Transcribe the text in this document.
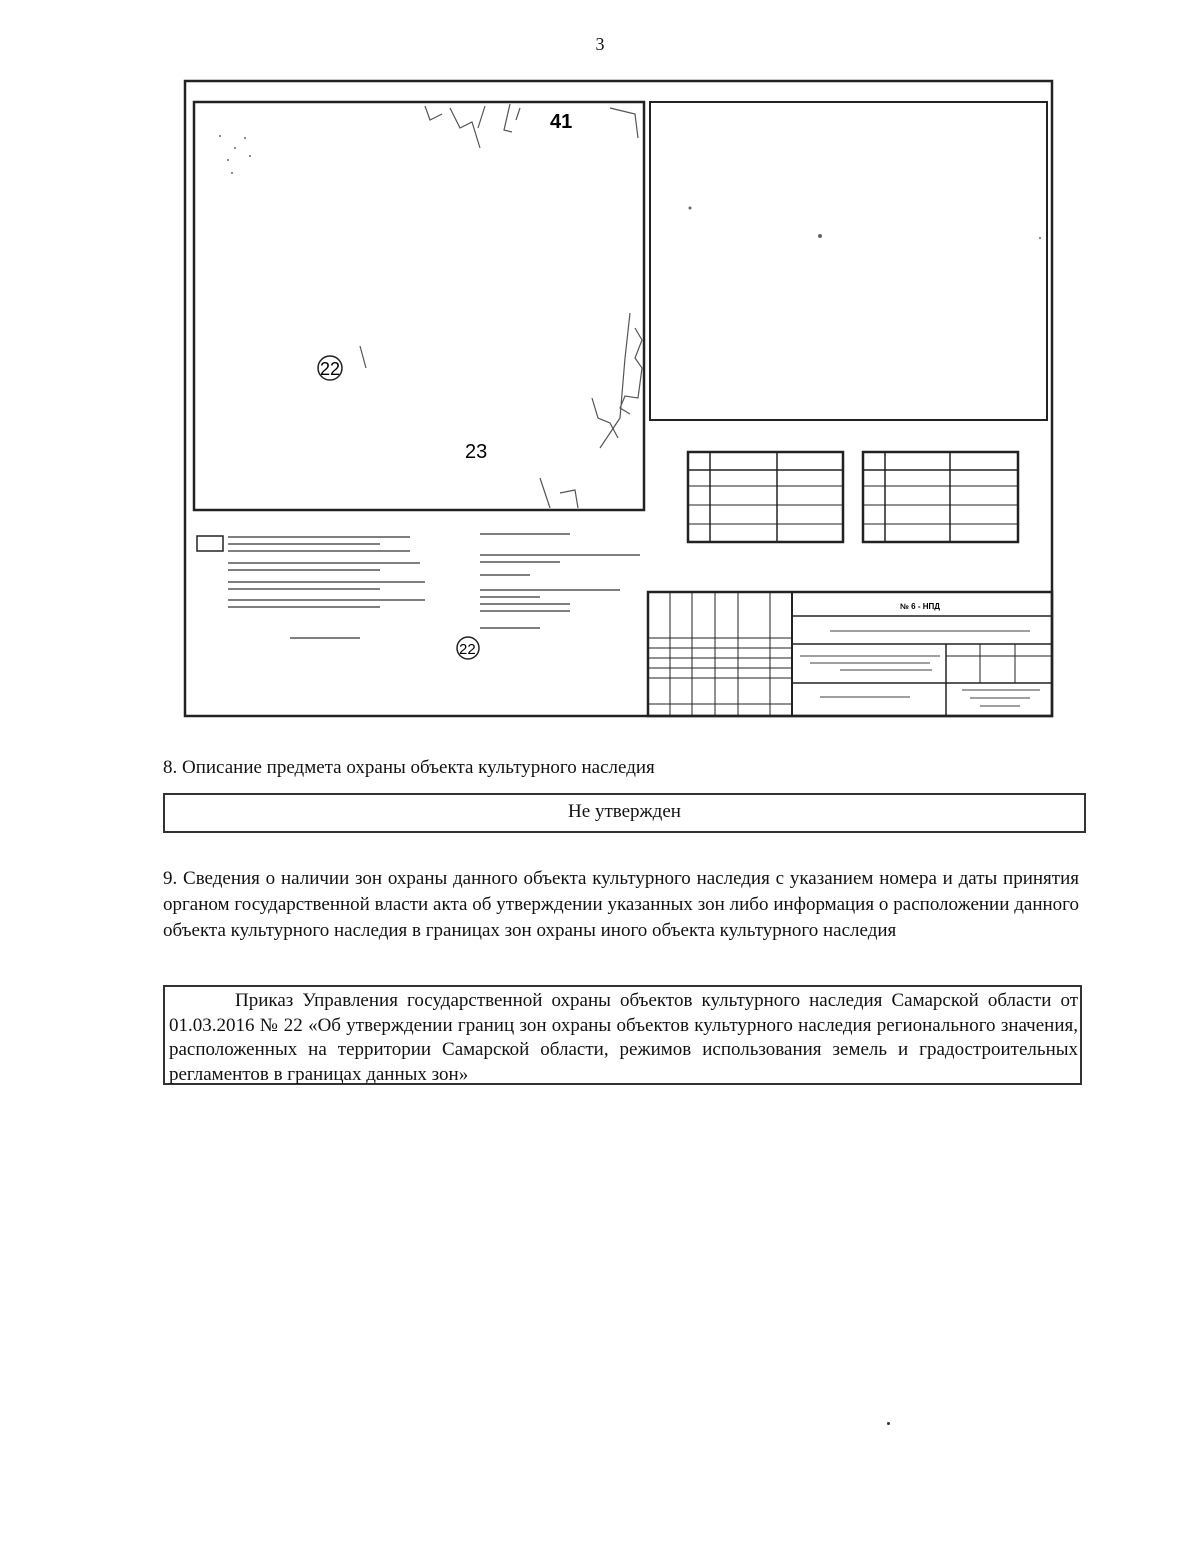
3
41
22
23
22
№ 6 - НПД
8. Описание предмета охраны объекта культурного наследия
Не утвержден
9. Сведения о наличии зон охраны данного объекта культурного наследия с указанием номера и даты принятия органом государственной власти акта об утверждении указанных зон либо информация о расположении данного объекта культурного наследия в границах зон охраны иного объекта культурного наследия
Приказ Управления государственной охраны объектов культурного наследия Самарской области от 01.03.2016 № 22 «Об утверждении границ зон охраны объектов культурного наследия регионального значения, расположенных на территории Самарской области, режимов использования земель и градостроительных регламентов в границах данных зон»
